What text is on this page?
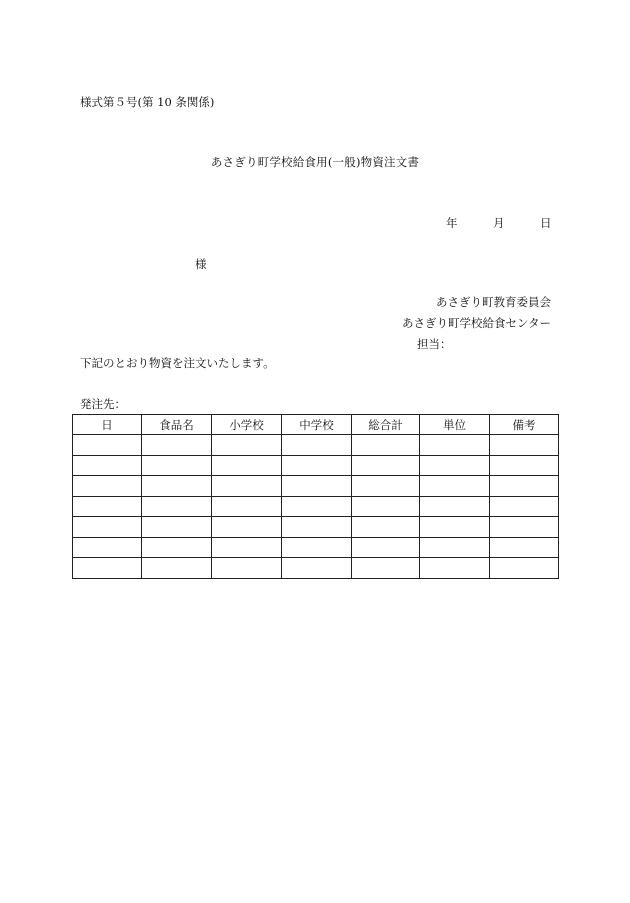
様式第５号(第 10 条関係)
あさぎり町学校給食用(一般)物資注文書
年	月	日
様
あさぎり町教育委員会
あさぎり町学校給食センター
担当：
下記のとおり物資を注文いたします。
発注先：
日	食品名	小学校	中学校	総合計	単位	備考
